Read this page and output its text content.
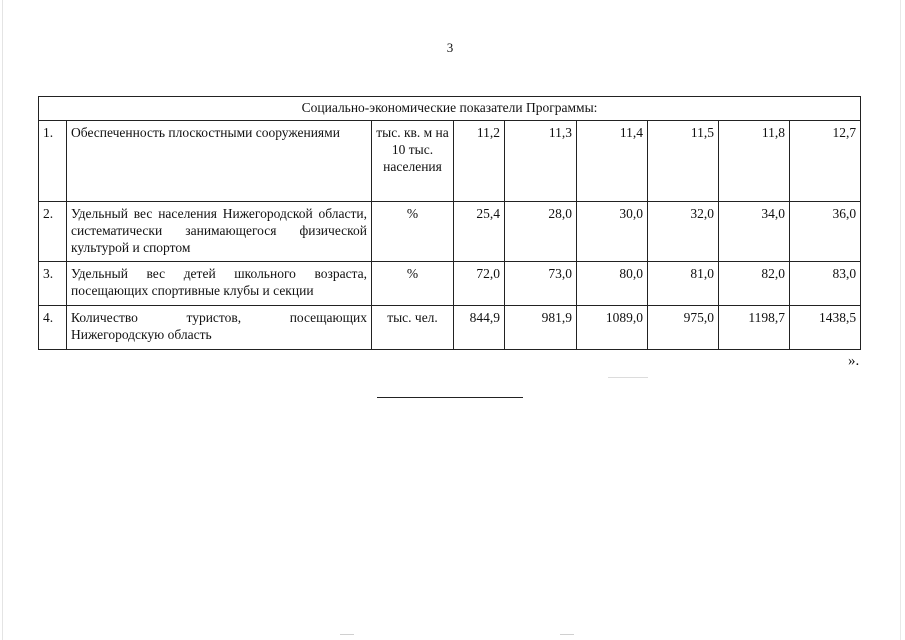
3
Социально-экономические показатели Программы:								
1.	Обеспеченность плоскостными сооружениями	тыс. кв. м на 10 тыс. населения	11,2	11,3	11,4	11,5	11,8	12,7
2.	Удельный вес населения Нижегородской области, систематически занимающегося физической культурой и спортом	%	25,4	28,0	30,0	32,0	34,0	36,0
3.	Удельный вес детей школьного возраста, посещающих спортивные клубы и секции	%	72,0	73,0	80,0	81,0	82,0	83,0
4.	Количество туристов, посещающих Нижегородскую область	тыс. чел.	844,9	981,9	1089,0	975,0	1198,7	1438,5
».
